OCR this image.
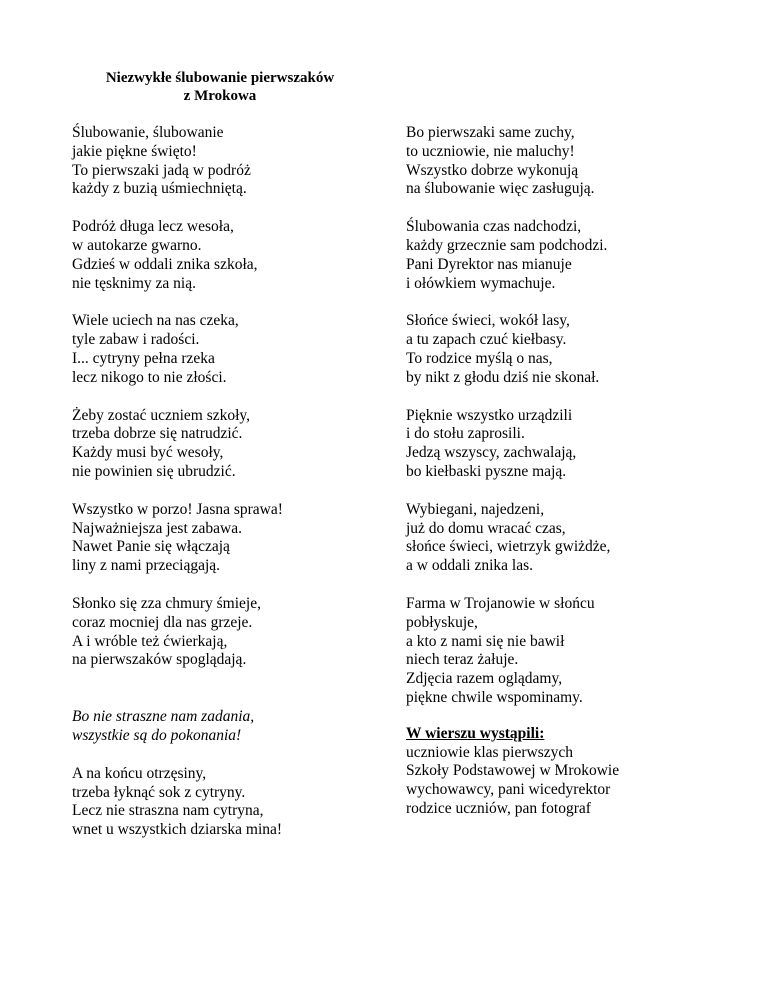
Niezwykłe ślubowanie pierwszaków
z Mrokowa

Ślubowanie, ślubowanie
jakie piękne święto!
To pierwszaki jadą w podróż
każdy z buzią uśmiechniętą.

Podróż długa lecz wesoła,
w autokarze gwarno.
Gdzieś w oddali znika szkoła,
nie tęsknimy za nią.

Wiele uciech na nas czeka,
tyle zabaw i radości.
I... cytryny pełna rzeka
lecz nikogo to nie złości.

Żeby zostać uczniem szkoły,
trzeba dobrze się natrudzić.
Każdy musi być wesoły,
nie powinien się ubrudzić.

Wszystko w porzo! Jasna sprawa!
Najważniejsza jest zabawa.
Nawet Panie się włączają
liny z nami przeciągają.

Słonko się zza chmury śmieje,
coraz mocniej dla nas grzeje.
A i wróble też ćwierkają,
na pierwszaków spoglądają.

Bo nie straszne nam zadania,
wszystkie są do pokonania!

A na końcu otrzęsiny,
trzeba łyknąć sok z cytryny.
Lecz nie straszna nam cytryna,
wnet u wszystkich dziarska mina!

Bo pierwszaki same zuchy,
to uczniowie, nie maluchy!
Wszystko dobrze wykonują
na ślubowanie więc zasługują.

Ślubowania czas nadchodzi,
każdy grzecznie sam podchodzi.
Pani Dyrektor nas mianuje
i ołówkiem wymachuje.

Słońce świeci, wokół lasy,
a tu zapach czuć kiełbasy.
To rodzice myślą o nas,
by nikt z głodu dziś nie skonał.

Pięknie wszystko urządzili
i do stołu zaprosili.
Jedzą wszyscy, zachwalają,
bo kiełbaski pyszne mają.

Wybiegani, najedzeni,
już do domu wracać czas,
słońce świeci, wietrzyk gwiżdże,
a w oddali znika las.

Farma w Trojanowie w słońcu
pobłyskuje,
a kto z nami się nie bawił
niech teraz żałuje.
Zdjęcia razem oglądamy,
piękne chwile wspominamy.

W wierszu wystąpili:
uczniowie klas pierwszych
Szkoły Podstawowej w Mrokowie
wychowawcy, pani wicedyrektor
rodzice uczniów, pan fotograf
